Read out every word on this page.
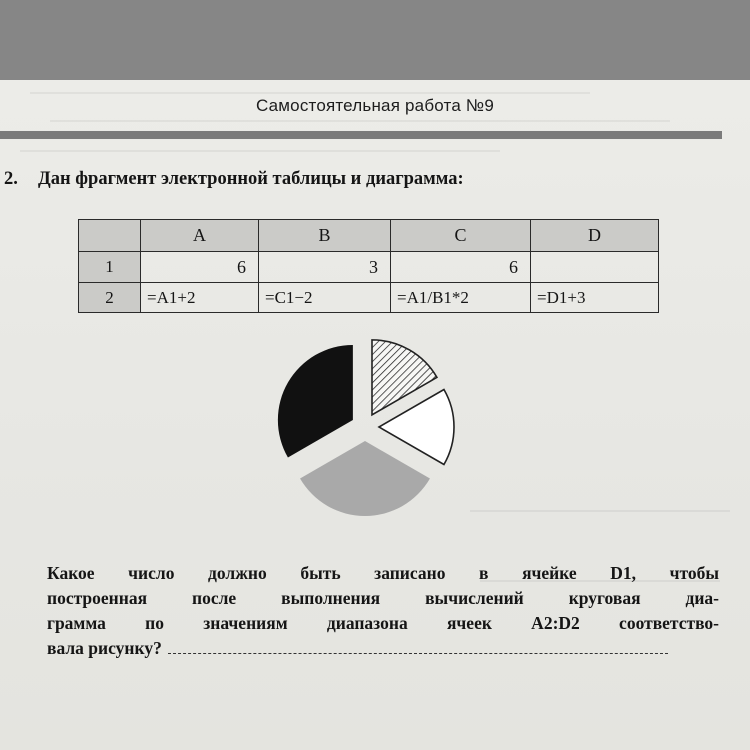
Самостоятельная работа №9
2. Дан фрагмент электронной таблицы и диаграмма:
	A	B	C	D
1	6	3	6	
2	=A1+2	=C1−2	=A1/B1*2	=D1+3
Какое число должно быть записано в ячейке D1, чтобы
построенная после выполнения вычислений круговая диа-
грамма по значениям диапазона ячеек A2:D2 соответство-
вала рисунку?
